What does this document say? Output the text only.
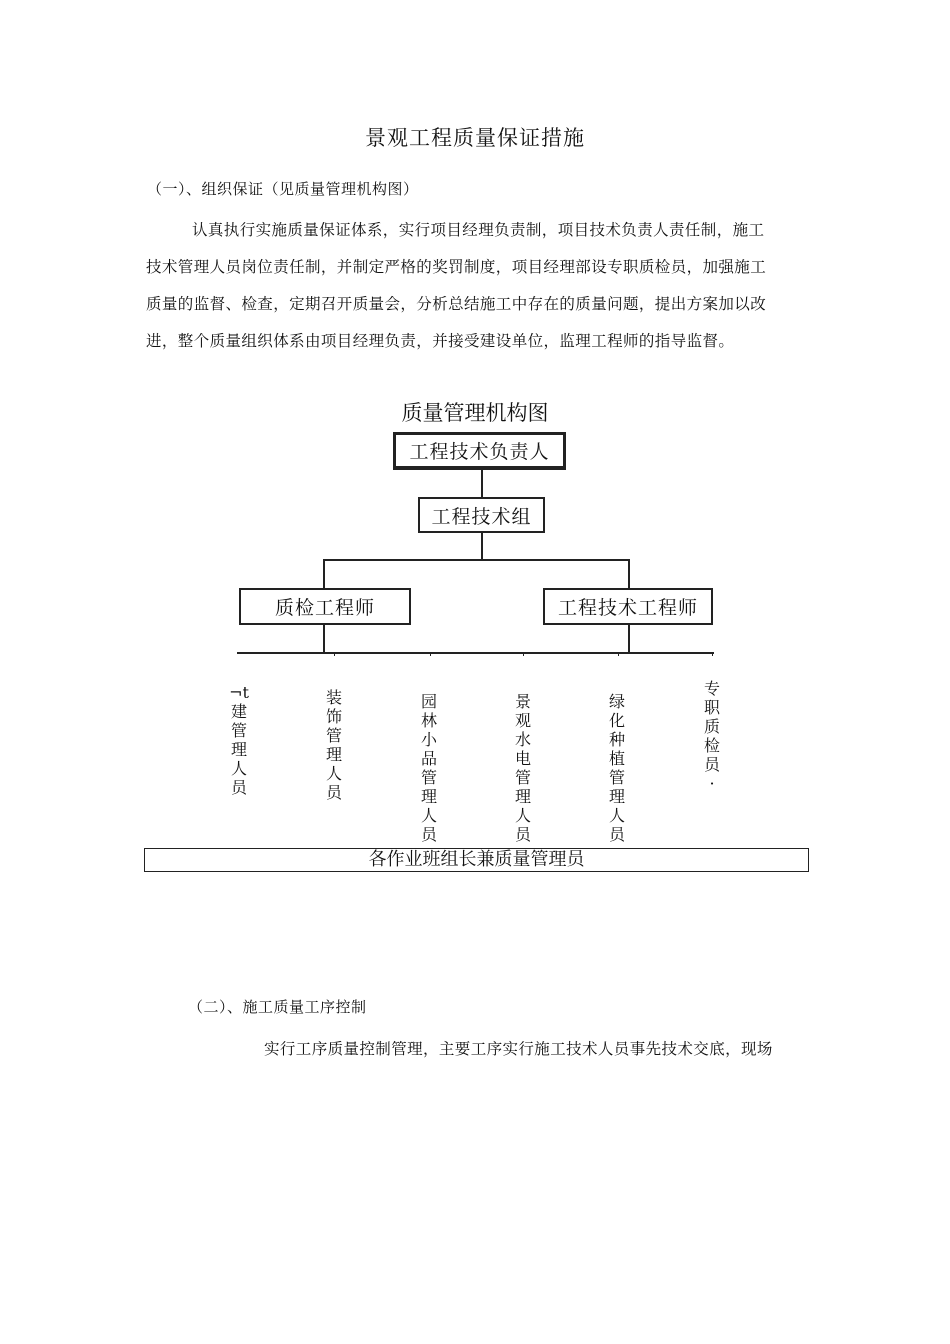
景观工程质量保证措施
（一）、组织保证（见质量管理机构图）

认真执行实施质量保证体系，实行项目经理负责制，项目技术负责人责任制，施工

技术管理人员岗位责任制，并制定严格的奖罚制度，项目经理部设专职质检员，加强施工

质量的监督、检查，定期召开质量会，分析总结施工中存在的质量问题，提出方案加以改

进，整个质量组织体系由项目经理负责，并接受建设单位，监理工程师的指导监督。

质量管理机构图
工程技术负责人
工程技术组
质检工程师	工程技术工程师
¬t建管理人员
装饰管理人员
园林小品管理人员
景观水电管理人员
绿化种植管理人员
专职质检员·
各作业班组长兼质量管理员
（二）、施工质量工序控制

实行工序质量控制管理，主要工序实行施工技术人员事先技术交底，现场
